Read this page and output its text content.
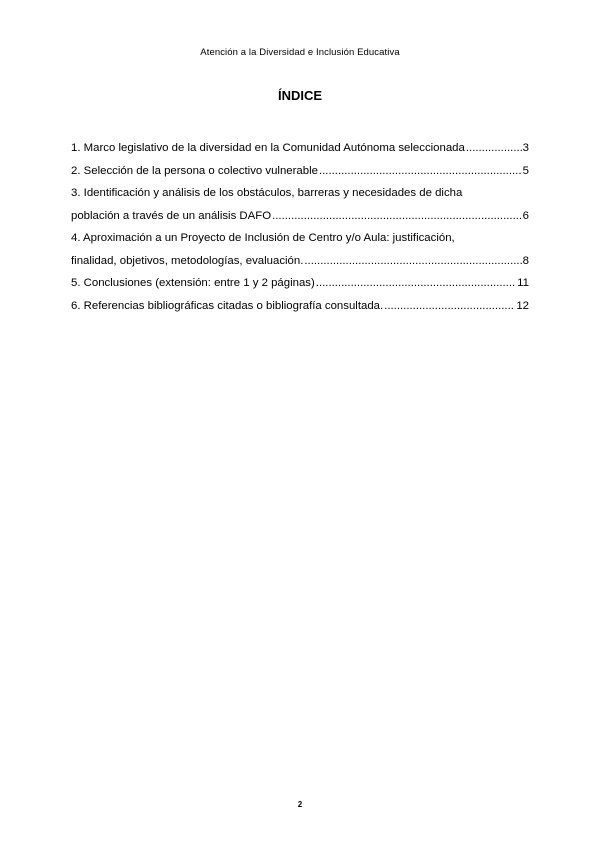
Atención a la Diversidad e Inclusión Educativa
ÍNDICE
1. Marco legislativo de la diversidad en la Comunidad Autónoma seleccionada .....	3
2. Selección de la persona o colectivo vulnerable .....	5
3. Identificación y análisis de los obstáculos, barreras y necesidades de dicha
población a través de un análisis DAFO .....	6
4. Aproximación a un Proyecto de Inclusión de Centro y/o Aula: justificación,
finalidad, objetivos, metodologías, evaluación. .....	8
5. Conclusiones (extensión: entre 1 y 2 páginas) .....	11
6. Referencias bibliográficas citadas o bibliografía consultada. .....	12
2
